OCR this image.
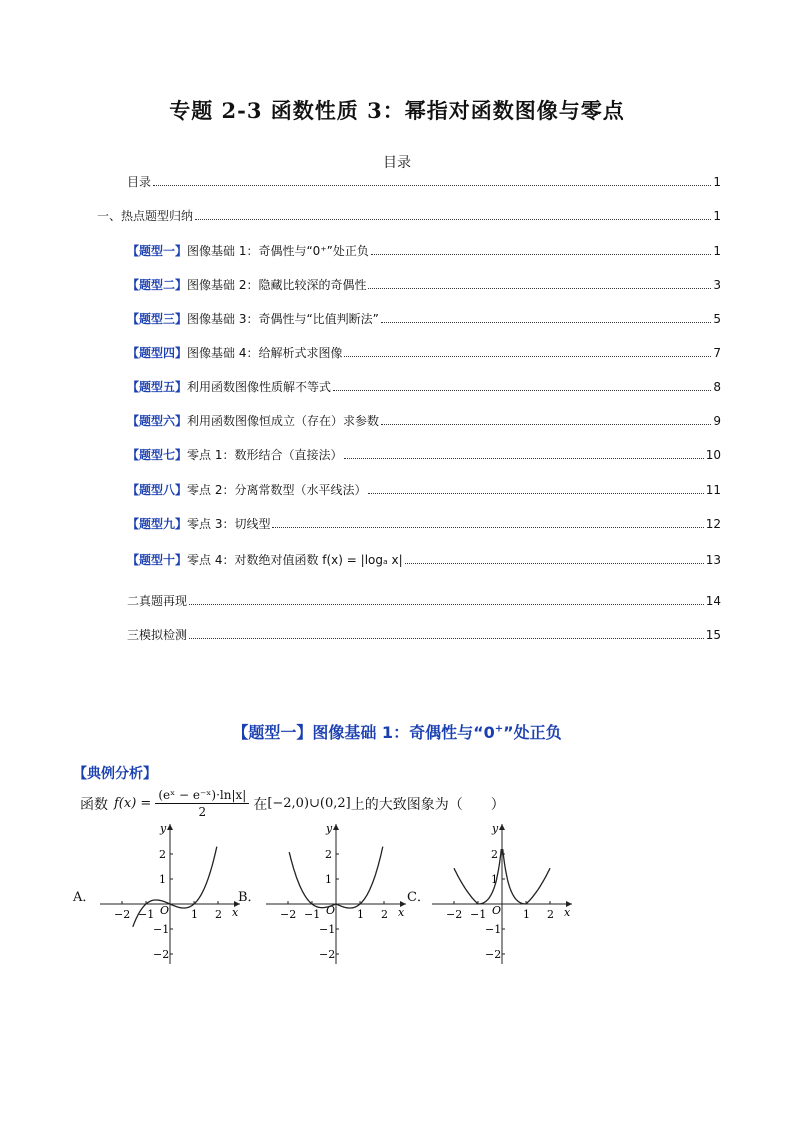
专题 2-3 函数性质 3：幂指对函数图像与零点
目录
目录	1
一、热点题型归纳	1
【题型一】图像基础 1：奇偶性与“0⁺”处正负	1
【题型二】图像基础 2：隐藏比较深的奇偶性	3
【题型三】图像基础 3：奇偶性与“比值判断法”	5
【题型四】图像基础 4：给解析式求图像	7
【题型五】利用函数图像性质解不等式	8
【题型六】利用函数图像恒成立（存在）求参数	9
【题型七】零点 1：数形结合（直接法）	10
【题型八】零点 2：分离常数型（水平线法）	11
【题型九】零点 3：切线型	12
【题型十】零点 4：对数绝对值函数 f(x) = |logₐ x|	13
二真题再现	14
三模拟检测	15
【题型一】图像基础 1：奇偶性与“0+”处正负
【典例分析】
函数 $f(x) = \frac{\text{(eˣ − e⁻ˣ)·ln|x|}}{2}$ 在 [−2,0)∪(0,2] 上的大致图象为（　　）
A．	B．	C．
y
x
O
−2 −1	1 2
2
1
−1
−2
y
x
O
−2 −1	1 2
2
1
−1
−2
y
x
O
−2 −1	1 2
2
1
−1
−2
